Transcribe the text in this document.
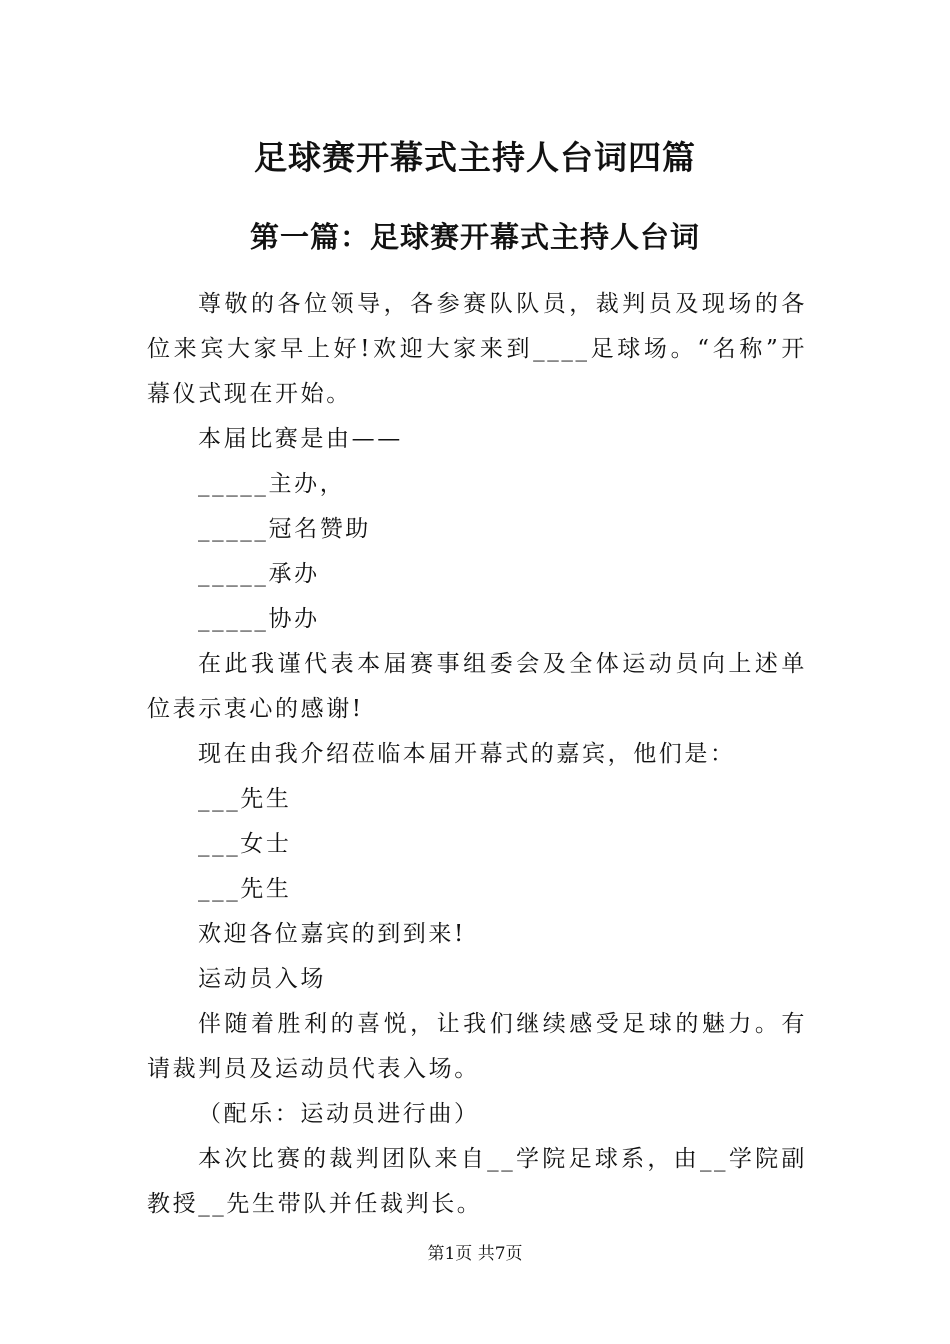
足球赛开幕式主持人台词四篇
第一篇：足球赛开幕式主持人台词

尊敬的各位领导，各参赛队队员，裁判员及现场的各位来宾大家早上好!欢迎大家来到____足球场。“名称”开幕仪式现在开始。

本届比赛是由——

_____主办，

_____冠名赞助

_____承办

_____协办

在此我谨代表本届赛事组委会及全体运动员向上述单位表示衷心的感谢!

现在由我介绍莅临本届开幕式的嘉宾，他们是：

___先生

___女士

___先生

欢迎各位嘉宾的到到来!

运动员入场

伴随着胜利的喜悦，让我们继续感受足球的魅力。有请裁判员及运动员代表入场。

（配乐：运动员进行曲）

本次比赛的裁判团队来自__学院足球系，由__学院副教授__先生带队并任裁判长。

第1页 共7页
